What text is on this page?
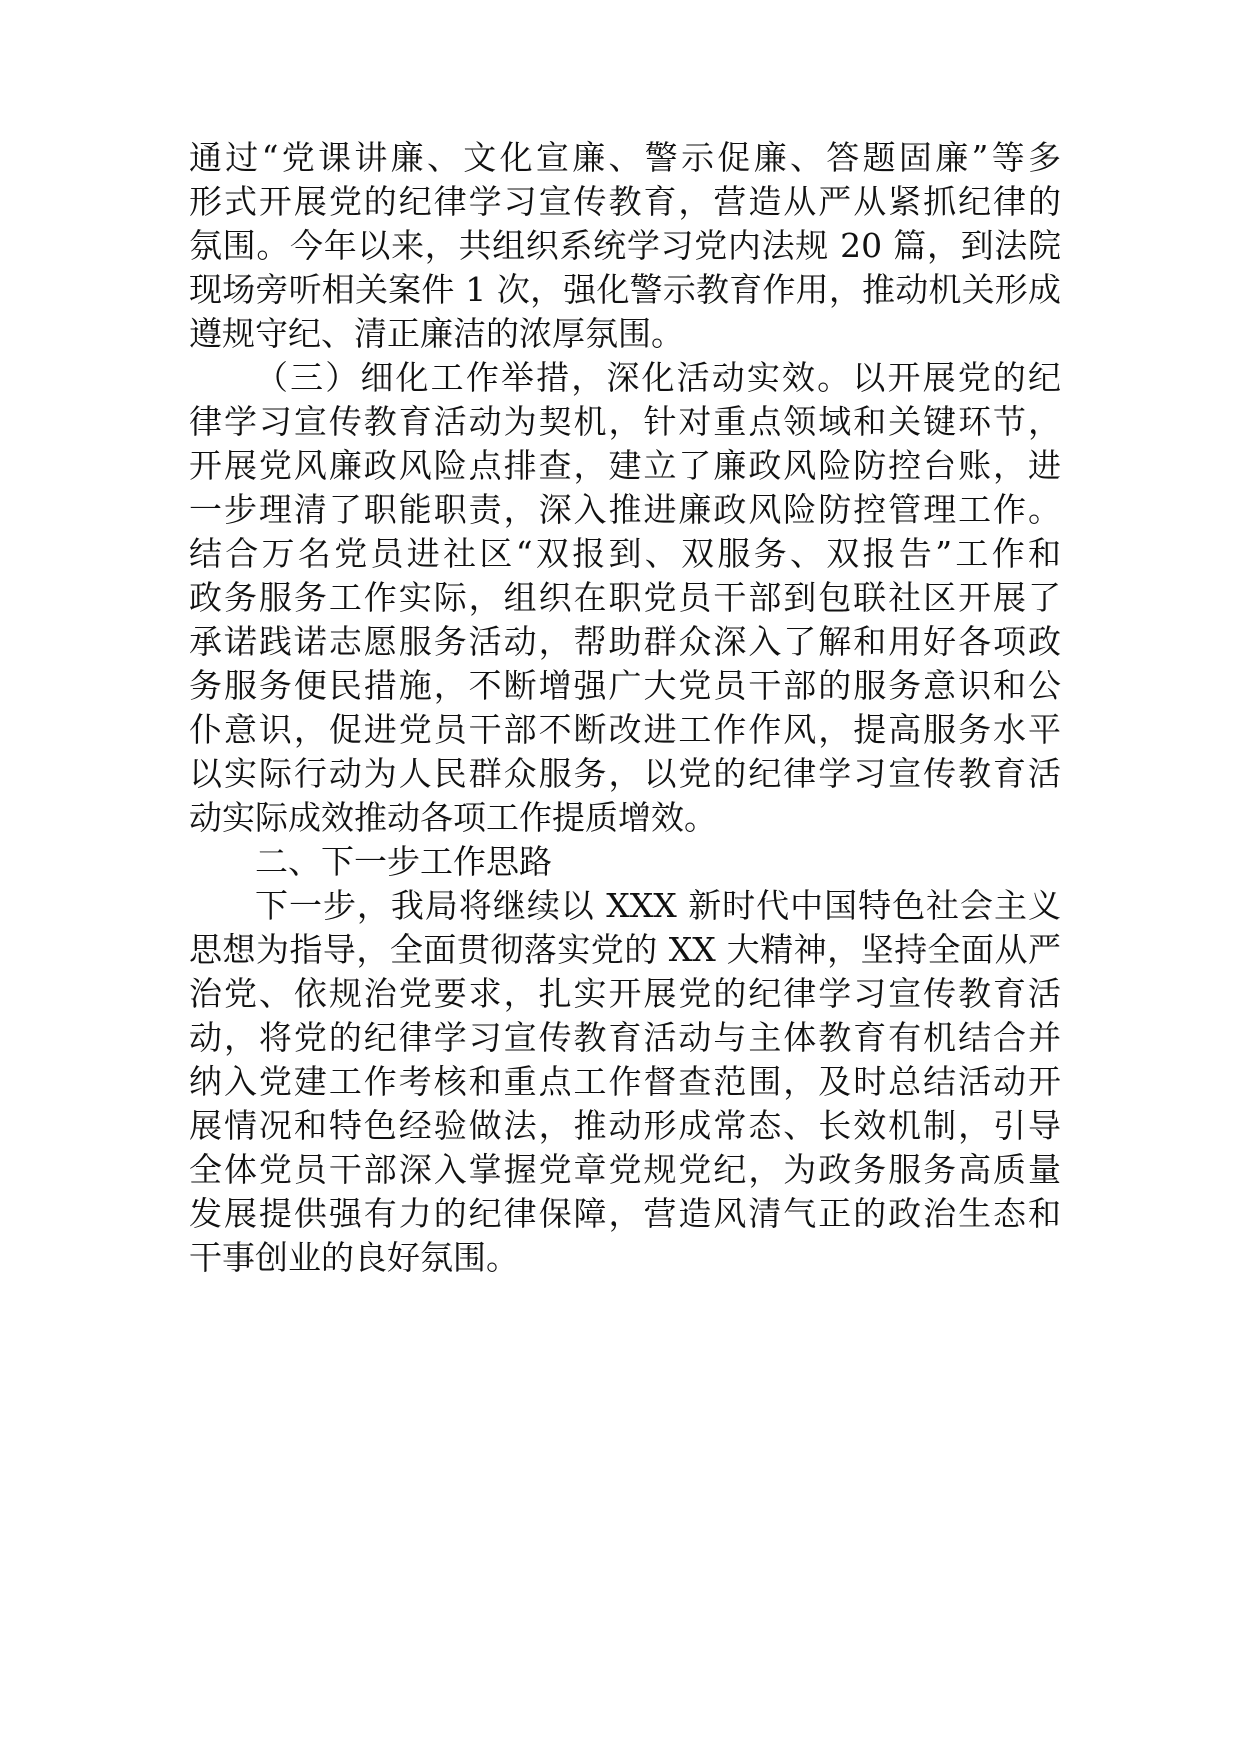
通过“党课讲廉、文化宣廉、警示促廉、答题固廉”等多
形式开展党的纪律学习宣传教育，营造从严从紧抓纪律的
氛围。今年以来，共组织系统学习党内法规 20 篇，到法院
现场旁听相关案件 1 次，强化警示教育作用，推动机关形成
遵规守纪、清正廉洁的浓厚氛围。
（三）细化工作举措，深化活动实效。以开展党的纪
律学习宣传教育活动为契机，针对重点领域和关键环节，
开展党风廉政风险点排查，建立了廉政风险防控台账，进
一步理清了职能职责，深入推进廉政风险防控管理工作。
结合万名党员进社区“双报到、双服务、双报告”工作和
政务服务工作实际，组织在职党员干部到包联社区开展了
承诺践诺志愿服务活动，帮助群众深入了解和用好各项政
务服务便民措施，不断增强广大党员干部的服务意识和公
仆意识，促进党员干部不断改进工作作风，提高服务水平
以实际行动为人民群众服务，以党的纪律学习宣传教育活
动实际成效推动各项工作提质增效。
二、下一步工作思路
下一步，我局将继续以 XXX 新时代中国特色社会主义
思想为指导，全面贯彻落实党的 XX 大精神，坚持全面从严
治党、依规治党要求，扎实开展党的纪律学习宣传教育活
动，将党的纪律学习宣传教育活动与主体教育有机结合并
纳入党建工作考核和重点工作督查范围，及时总结活动开
展情况和特色经验做法，推动形成常态、长效机制，引导
全体党员干部深入掌握党章党规党纪，为政务服务高质量
发展提供强有力的纪律保障，营造风清气正的政治生态和
干事创业的良好氛围。
